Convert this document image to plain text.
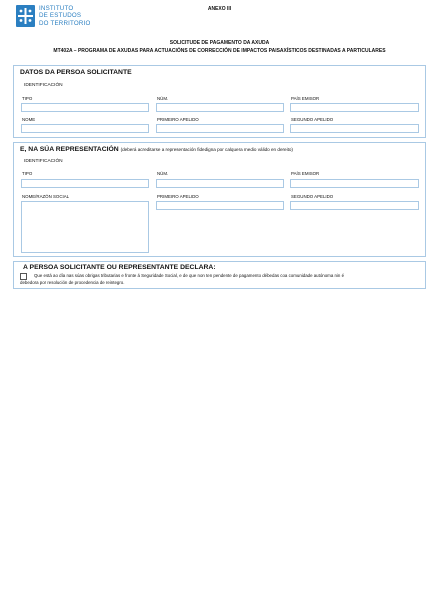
INSTITUTO
DE ESTUDOS
DO TERRITORIO
ANEXO III
SOLICITUDE DE PAGAMENTO DA AXUDA
MT402A – PROGRAMA DE AXUDAS PARA ACTUACIÓNS DE CORRECCIÓN DE IMPACTOS PAISAXÍSTICOS DESTINADAS A PARTICULARES
DATOS DA PERSOA SOLICITANTE
IDENTIFICACIÓN
TIPO	NÚM.	PAÍS EMISOR
NOME	PRIMEIRO APELIDO	SEGUNDO APELIDO
E, NA SÚA REPRESENTACIÓN (deberá acreditarse a representación fidedigna por calquera medio válido en dereito)
IDENTIFICACIÓN
TIPO	NÚM.	PAÍS EMISOR
NOME/RAZÓN SOCIAL	PRIMEIRO APELIDO	SEGUNDO APELIDO
A PERSOA SOLICITANTE OU REPRESENTANTE DECLARA:
Que está ao día nas súas obrigas tributarias e fronte á Seguridade Social, e de que non ten pendente de pagamento débedas coa comunidade autónoma nin é
debedora por resolución de procedencia de reintegro.
